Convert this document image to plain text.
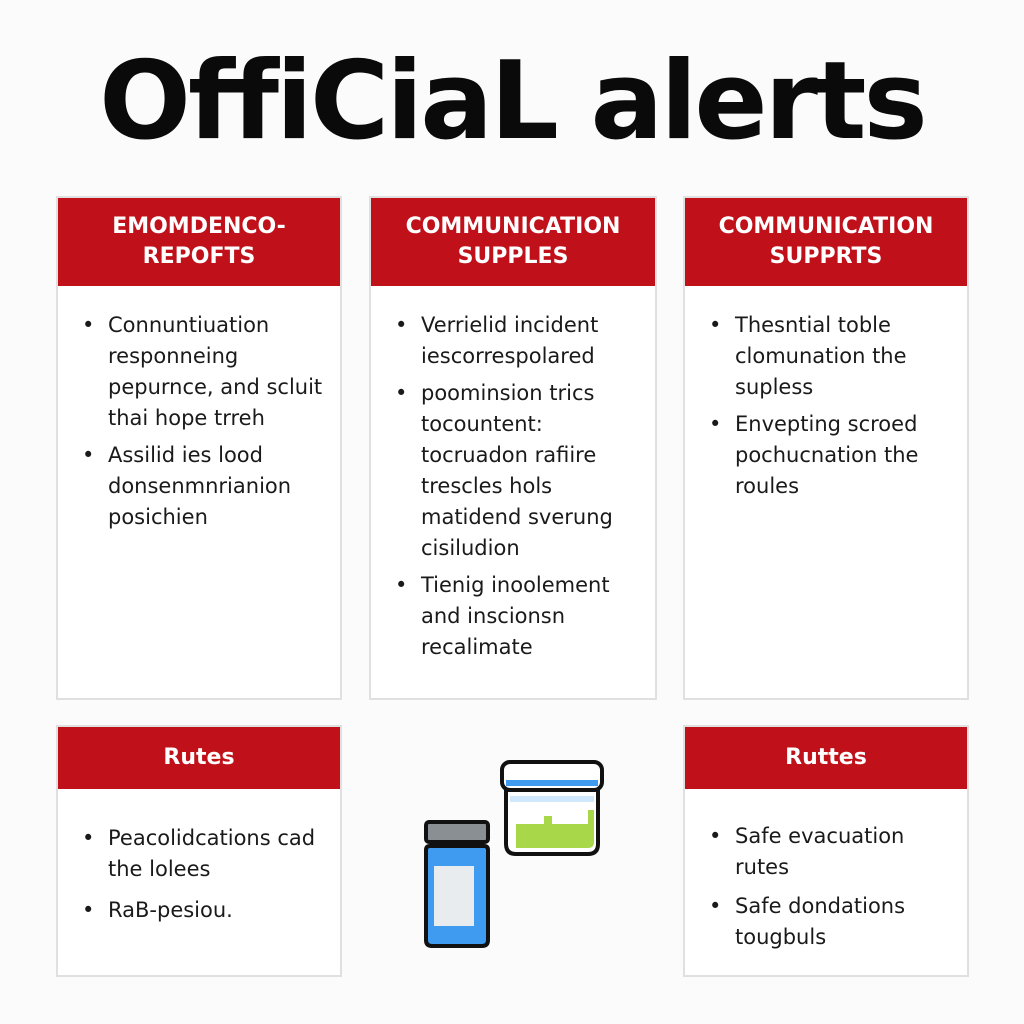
OffiCiaL alerts
EMOMDENCO-
REPOFTS
• Connuntiuation responneing pepurnce, and scluit thai hope trreh
• Assilid ies lood donsenmnrianion posichien
COMMUNICATION
SUPPLES
• Verrielid incident iescorrespolared
• poominsion trics tocountent: tocruadon rafiire trescles hols matidend sverung cisiludion
• Tienig inoolement and inscionsn recalimate
COMMUNICATION
SUPPRTS
• Thesntial toble clomunation the supless
• Envepting scroed pochucnation the roules
Rutes
• Peacolidcations cad the lolees
• RaB-pesiou.
Ruttes
• Safe evacuation rutes
• Safe dondations tougbuls
